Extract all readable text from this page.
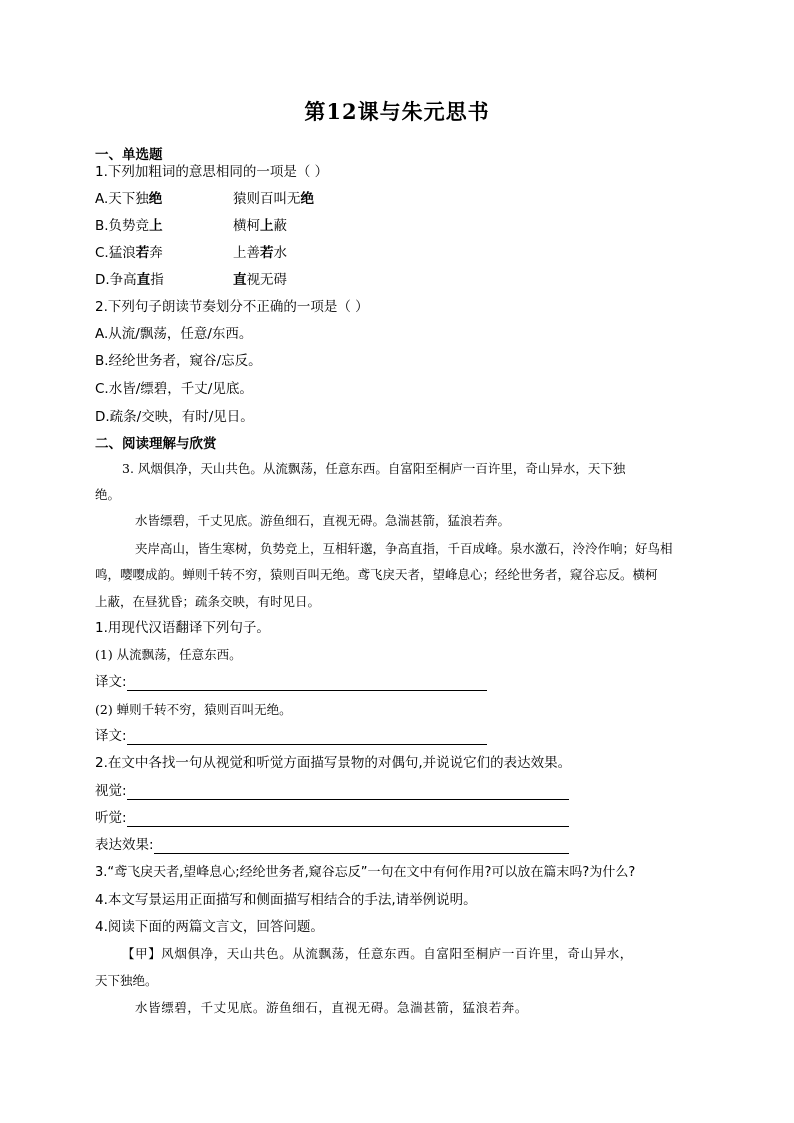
第12课与朱元思书
一、单选题
1.下列加粗词的意思相同的一项是（ ）
A.天下独绝	猿则百叫无绝
B.负势竞上	横柯上蔽
C.猛浪若奔	上善若水
D.争高直指	直视无碍
2.下列句子朗读节奏划分不正确的一项是（ ）
A.从流/飘荡，任意/东西。
B.经纶世务者，窥谷/忘反。
C.水皆/缥碧，千丈/见底。
D.疏条/交映，有时/见日。
二、阅读理解与欣赏
3. 风烟俱净，天山共色。从流飘荡，任意东西。自富阳至桐庐一百许里，奇山异水，天下独
绝。
水皆缥碧，千丈见底。游鱼细石，直视无碍。急湍甚箭，猛浪若奔。
夹岸高山，皆生寒树，负势竞上，互相轩邈，争高直指，千百成峰。泉水激石，泠泠作响；好鸟相
鸣，嘤嘤成韵。蝉则千转不穷，猿则百叫无绝。鸢飞戾天者，望峰息心；经纶世务者，窥谷忘反。横柯
上蔽，在昼犹昏；疏条交映，有时见日。
1.用现代汉语翻译下列句子。
(1) 从流飘荡，任意东西。
译文:
(2) 蝉则千转不穷，猿则百叫无绝。
译文:
2.在文中各找一句从视觉和听觉方面描写景物的对偶句,并说说它们的表达效果。
视觉:
听觉:
表达效果:
3.“鸢飞戾天者,望峰息心;经纶世务者,窥谷忘反”一句在文中有何作用?可以放在篇末吗?为什么?
4.本文写景运用正面描写和侧面描写相结合的手法,请举例说明。
4.阅读下面的两篇文言文，回答问题。
【甲】风烟俱净，天山共色。从流飘荡，任意东西。自富阳至桐庐一百许里，奇山异水，
天下独绝。
水皆缥碧，千丈见底。游鱼细石，直视无碍。急湍甚箭，猛浪若奔。
